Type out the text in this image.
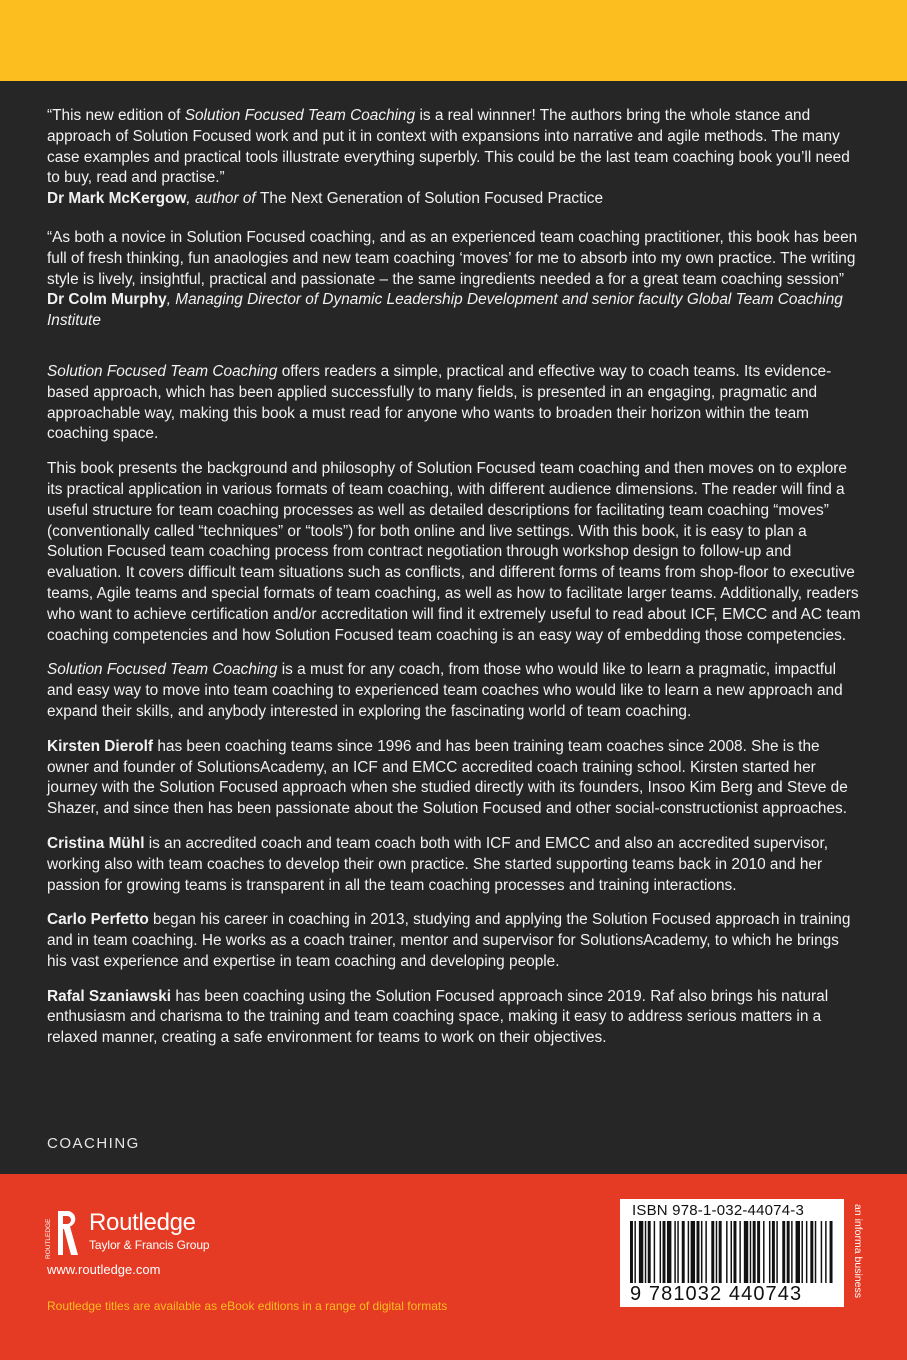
“This new edition of Solution Focused Team Coaching is a real winnner! The authors bring the whole stance and approach of Solution Focused work and put it in context with expansions into narrative and agile methods. The many case examples and practical tools illustrate everything superbly. This could be the last team coaching book you’ll need to buy, read and practise.”

Dr Mark McKergow, author of The Next Generation of Solution Focused Practice

“As both a novice in Solution Focused coaching, and as an experienced team coaching practitioner, this book has been full of fresh thinking, fun anaologies and new team coaching ‘moves’ for me to absorb into my own practice. The writing style is lively, insightful, practical and passionate – the same ingredients needed a for a great team coaching session”

Dr Colm Murphy, Managing Director of Dynamic Leadership Development and senior faculty Global Team Coaching Institute

Solution Focused Team Coaching offers readers a simple, practical and effective way to coach teams. Its evidence-based approach, which has been applied successfully to many fields, is presented in an engaging, pragmatic and approachable way, making this book a must read for anyone who wants to broaden their horizon within the team coaching space.

This book presents the background and philosophy of Solution Focused team coaching and then moves on to explore its practical application in various formats of team coaching, with different audience dimensions. The reader will find a useful structure for team coaching processes as well as detailed descriptions for facilitating team coaching “moves” (conventionally called “techniques” or “tools”) for both online and live settings. With this book, it is easy to plan a Solution Focused team coaching process from contract negotiation through workshop design to follow-up and evaluation. It covers difficult team situations such as conflicts, and different forms of teams from shop-floor to executive teams, Agile teams and special formats of team coaching, as well as how to facilitate larger teams. Additionally, readers who want to achieve certification and/or accreditation will find it extremely useful to read about ICF, EMCC and AC team coaching competencies and how Solution Focused team coaching is an easy way of embedding those competencies.

Solution Focused Team Coaching is a must for any coach, from those who would like to learn a pragmatic, impactful and easy way to move into team coaching to experienced team coaches who would like to learn a new approach and expand their skills, and anybody interested in exploring the fascinating world of team coaching.

Kirsten Dierolf has been coaching teams since 1996 and has been training team coaches since 2008. She is the owner and founder of SolutionsAcademy, an ICF and EMCC accredited coach training school. Kirsten started her journey with the Solution Focused approach when she studied directly with its founders, Insoo Kim Berg and Steve de Shazer, and since then has been passionate about the Solution Focused and other social-constructionist approaches.

Cristina Mühl is an accredited coach and team coach both with ICF and EMCC and also an accredited supervisor, working also with team coaches to develop their own practice. She started supporting teams back in 2010 and her passion for growing teams is transparent in all the team coaching processes and training interactions.

Carlo Perfetto began his career in coaching in 2013, studying and applying the Solution Focused approach in training and in team coaching. He works as a coach trainer, mentor and supervisor for SolutionsAcademy, to which he brings his vast experience and expertise in team coaching and developing people.

Rafal Szaniawski has been coaching using the Solution Focused approach since 2019. Raf also brings his natural enthusiasm and charisma to the training and team coaching space, making it easy to address serious matters in a relaxed manner, creating a safe environment for teams to work on their objectives.

COACHING
ROUTLEDGE Routledge
Taylor & Francis Group
www.routledge.com
Routledge titles are available as eBook editions in a range of digital formats
ISBN 978-1-032-44074-3
9 781032 440743	an informa business
